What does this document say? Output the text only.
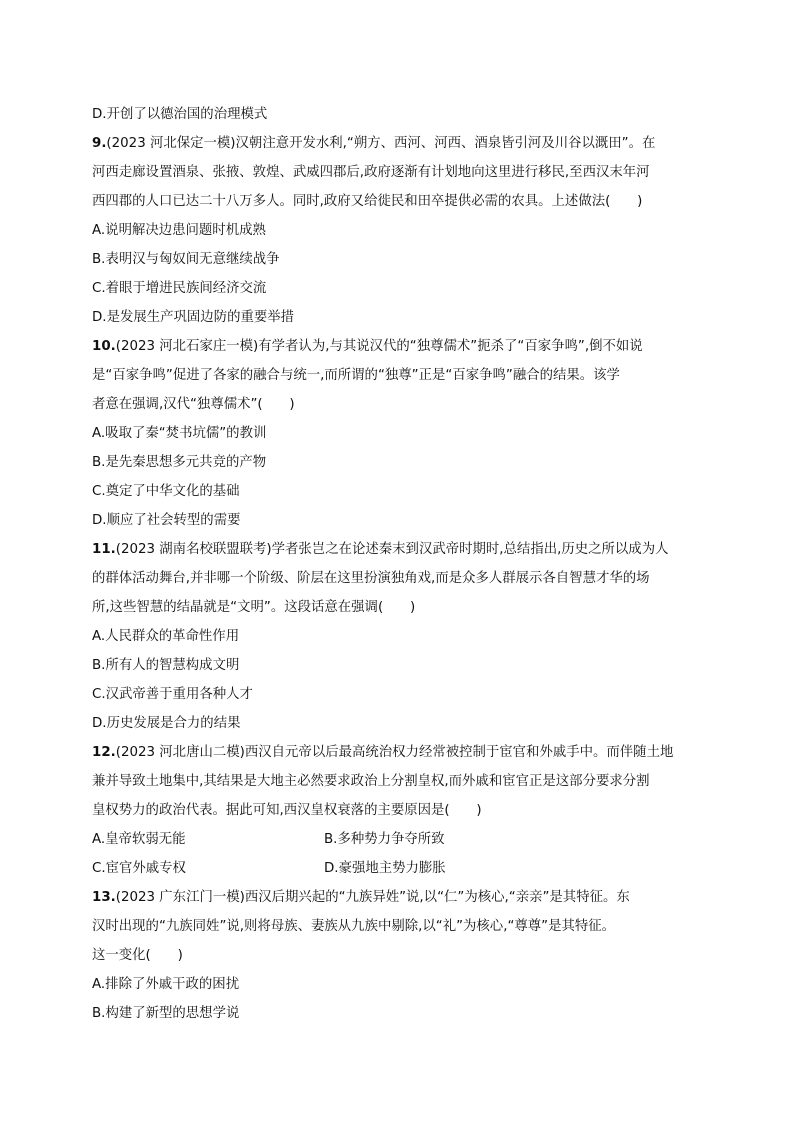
D.开创了以德治国的治理模式
9.(2023 河北保定一模)汉朝注意开发水利,“朔方、西河、河西、酒泉皆引河及川谷以溉田”。在
河西走廊设置酒泉、张掖、敦煌、武威四郡后,政府逐渐有计划地向这里进行移民,至西汉末年河
西四郡的人口已达二十八万多人。同时,政府又给徙民和田卒提供必需的农具。上述做法(　　)
A.说明解决边患问题时机成熟
B.表明汉与匈奴间无意继续战争
C.着眼于增进民族间经济交流
D.是发展生产巩固边防的重要举措
10.(2023 河北石家庄一模)有学者认为,与其说汉代的“独尊儒术”扼杀了“百家争鸣”,倒不如说
是“百家争鸣”促进了各家的融合与统一,而所谓的“独尊”正是“百家争鸣”融合的结果。该学
者意在强调,汉代“独尊儒术”(　　)
A.吸取了秦“焚书坑儒”的教训
B.是先秦思想多元共竞的产物
C.奠定了中华文化的基础
D.顺应了社会转型的需要
11.(2023 湖南名校联盟联考)学者张岂之在论述秦末到汉武帝时期时,总结指出,历史之所以成为人
的群体活动舞台,并非哪一个阶级、阶层在这里扮演独角戏,而是众多人群展示各自智慧才华的场
所,这些智慧的结晶就是“文明”。这段话意在强调(　　)
A.人民群众的革命性作用
B.所有人的智慧构成文明
C.汉武帝善于重用各种人才
D.历史发展是合力的结果
12.(2023 河北唐山二模)西汉自元帝以后最高统治权力经常被控制于宦官和外戚手中。而伴随土地
兼并导致土地集中,其结果是大地主必然要求政治上分割皇权,而外戚和宦官正是这部分要求分割
皇权势力的政治代表。据此可知,西汉皇权衰落的主要原因是(　　)
A.皇帝软弱无能	B.多种势力争夺所致
C.宦官外戚专权	D.豪强地主势力膨胀
13.(2023 广东江门一模)西汉后期兴起的“九族异姓”说,以“仁”为核心,“亲亲”是其特征。东
汉时出现的“九族同姓”说,则将母族、妻族从九族中剔除,以“礼”为核心,“尊尊”是其特征。
这一变化(　　)
A.排除了外戚干政的困扰
B.构建了新型的思想学说
